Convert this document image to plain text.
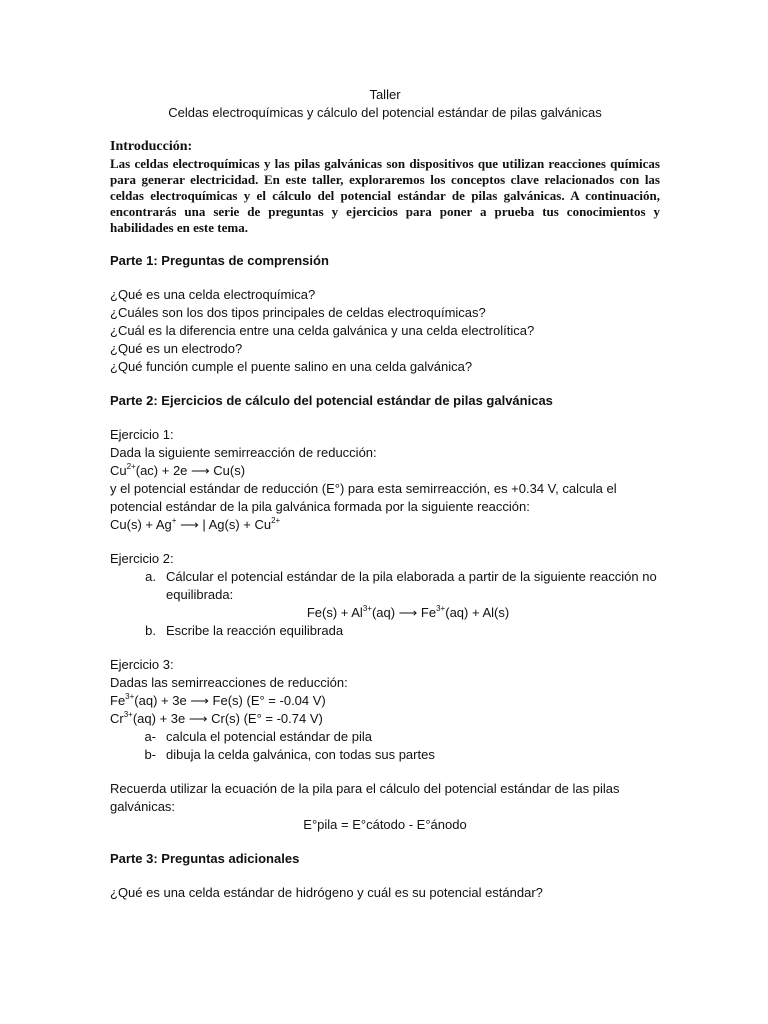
Taller
Celdas electroquímicas y cálculo del potencial estándar de pilas galvánicas
Introducción:
Las celdas electroquímicas y las pilas galvánicas son dispositivos que utilizan reacciones químicas para generar electricidad. En este taller, exploraremos los conceptos clave relacionados con las celdas electroquímicas y el cálculo del potencial estándar de pilas galvánicas. A continuación, encontrarás una serie de preguntas y ejercicios para poner a prueba tus conocimientos y habilidades en este tema.
Parte 1: Preguntas de comprensión
¿Qué es una celda electroquímica?
¿Cuáles son los dos tipos principales de celdas electroquímicas?
¿Cuál es la diferencia entre una celda galvánica y una celda electrolítica?
¿Qué es un electrodo?
¿Qué función cumple el puente salino en una celda galvánica?
Parte 2: Ejercicios de cálculo del potencial estándar de pilas galvánicas
Ejercicio 1:
Dada la siguiente semirreacción de reducción:
$Cu^{2+}(ac) + 2e$ ⟶ Cu(s)
y el potencial estándar de reducción (E°) para esta semirreacción, es +0.34 V, calcula el potencial estándar de la pila galvánica formada por la siguiente reacción:
Cu(s) + Ag+ ⟶ | $Ag(s) + Cu^{2+}$
Ejercicio 2:
a. Cálcular el potencial estándar de la pila elaborada a partir de la siguiente reacción no equilibrada:
$Fe(s) + Al^{3+}(aq)$ ⟶ $Fe^{3+}(aq) + Al(s)$
b. Escribe la reacción equilibrada
Ejercicio 3:
Dadas las semirreacciones de reducción:
$Fe^{3+}(aq) + 3e$ ⟶ Fe(s) (E° = -0.04 V)
$Cr^{3+}(aq) + 3e$ ⟶ Cr(s) (E° = -0.74 V)
a- calcula el potencial estándar de pila
b- dibuja la celda galvánica, con todas sus partes
Recuerda utilizar la ecuación de la pila para el cálculo del potencial estándar de las pilas galvánicas:
E°pila = E°cátodo - E°ánodo
Parte 3: Preguntas adicionales
¿Qué es una celda estándar de hidrógeno y cuál es su potencial estándar?
